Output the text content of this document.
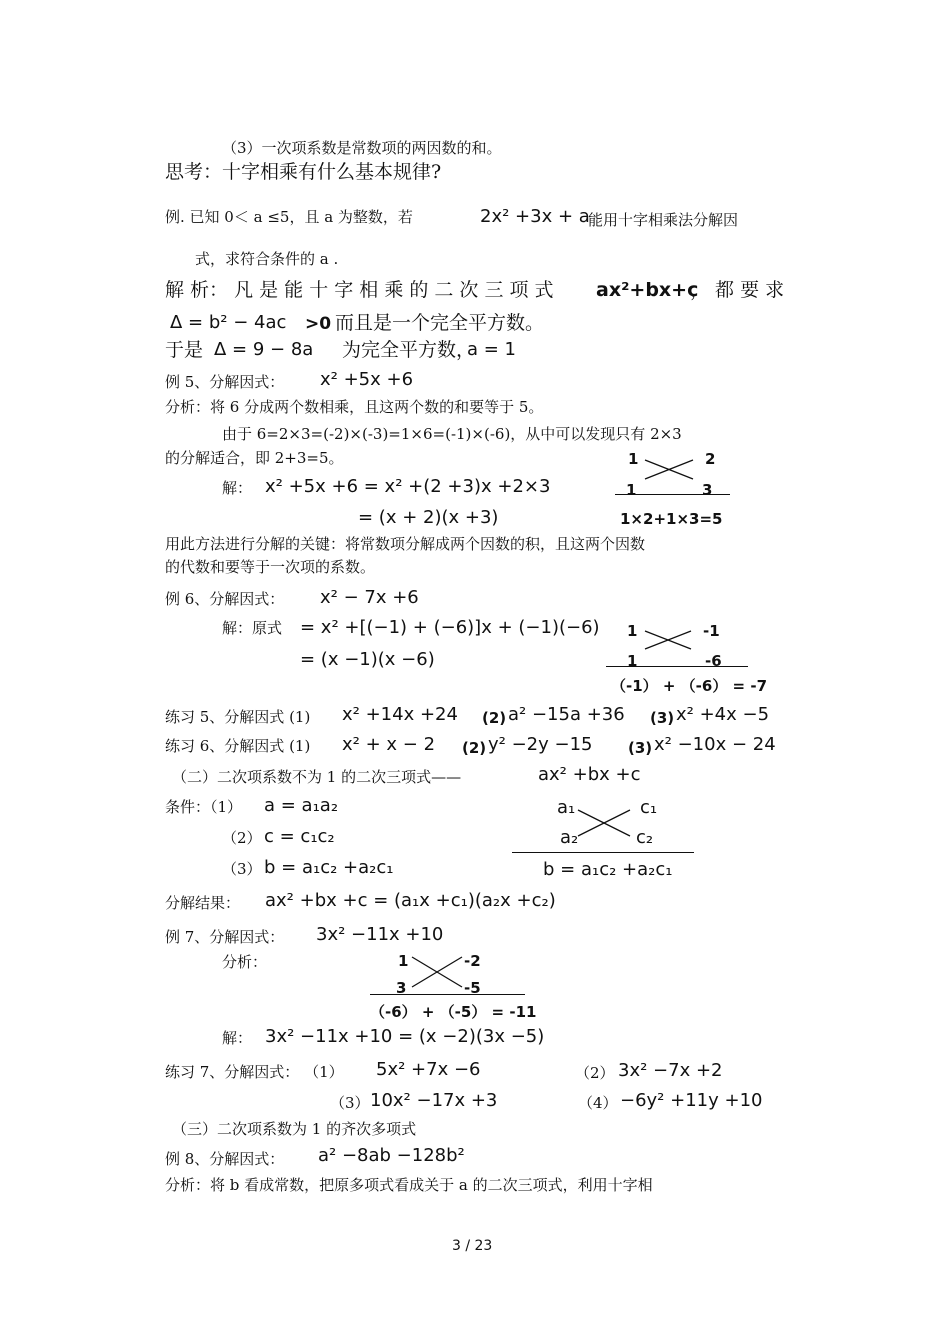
（3）一次项系数是常数项的两因数的和。
思考：十字相乘有什么基本规律?
例. 已知 0＜ a ≤5，且 a 为整数，若	2x² +3x + a
能用十字相乘法分解因
式，求符合条件的 a .
解 析： 凡 是 能 十 字 相 乘 的 二 次 三 项 式 ax²+bx+c
， 都 要 求
Δ = b² − 4ac >0 而且是一个完全平方数。
于是 Δ = 9 − 8a 为完全平方数，
a = 1
例 5、分解因式： x² +5x +6
分析：将 6 分成两个数相乘，且这两个数的和要等于 5。
由于 6=2×3=(-2)×(-3)=1×6=(-1)×(-6)，从中可以发现只有 2×3
的分解适合，即 2+3=5。
解： x² +5x +6 = x² +(2 +3)x +2×3
= (x + 2)(x +3)
1	2
1	3
1×2+1×3=5
用此方法进行分解的关键：将常数项分解成两个因数的积，且这两个因数
的代数和要等于一次项的系数。
例 6、分解因式： x² − 7x +6
解：原式 = x² +[(−1) + (−6)]x + (−1)(−6)
= (x −1)(x −6)
1	-1
1	-6
（-1） + （-6） = -7
练习 5、分解因式 (1) x² +14x +24 (2) a² −15a +36 (3) x² +4x −5
练习 6、分解因式 (1) x² + x − 2 (2) y² −2y −15 (3) x² −10x − 24
（二）二次项系数不为 1 的二次三项式——	ax² +bx +c
条件：（1） a = a₁a₂
（2） c = c₁c₂
（3） b = a₁c₂ +a₂c₁
a₁	c₁
a₂	c₂
b = a₁c₂ +a₂c₁
分解结果： ax² +bx +c = (a₁x +c₁)(a₂x +c₂)
例 7、分解因式： 3x² −11x +10
分析：	1	-2
3	-5
（-6） + （-5） = -11
解： 3x² −11x +10 = (x −2)(3x −5)
练习 7、分解因式： （1） 5x² +7x −6	（2） 3x² −7x +2
（3） 10x² −17x +3	（4） −6y² +11y +10
（三）二次项系数为 1 的齐次多项式
例 8、分解因式： a² −8ab −128b²
分析：将 b 看成常数，把原多项式看成关于 a 的二次三项式，利用十字相
3 / 23
